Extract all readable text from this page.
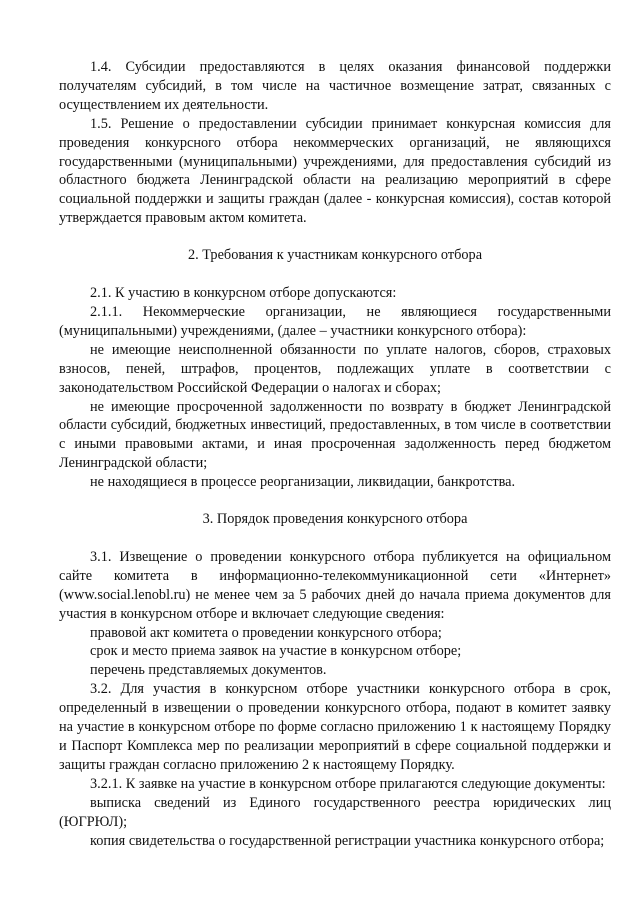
1.4. Субсидии предоставляются в целях оказания финансовой поддержки получателям субсидий, в том числе на частичное возмещение затрат, связанных с осуществлением их деятельности.

1.5. Решение о предоставлении субсидии принимает конкурсная комиссия для проведения конкурсного отбора некоммерческих организаций, не являющихся государственными (муниципальными) учреждениями, для предоставления субсидий из областного бюджета Ленинградской области на реализацию мероприятий в сфере социальной поддержки и защиты граждан (далее - конкурсная комиссия), состав которой утверждается правовым актом комитета.

2. Требования к участникам конкурсного отбора

2.1. К участию в конкурсном отборе допускаются:

2.1.1. Некоммерческие организации, не являющиеся государственными (муниципальными) учреждениями, (далее – участники конкурсного отбора):

не имеющие неисполненной обязанности по уплате налогов, сборов, страховых взносов, пеней, штрафов, процентов, подлежащих уплате в соответствии с законодательством Российской Федерации о налогах и сборах;

не имеющие просроченной задолженности по возврату в бюджет Ленинградской области субсидий, бюджетных инвестиций, предоставленных, в том числе в соответствии с иными правовыми актами, и иная просроченная задолженность перед бюджетом Ленинградской области;

не находящиеся в процессе реорганизации, ликвидации, банкротства.

3. Порядок проведения конкурсного отбора

3.1. Извещение о проведении конкурсного отбора публикуется на официальном сайте комитета в информационно-телекоммуникационной сети «Интернет» (www.social.lenobl.ru) не менее чем за 5 рабочих дней до начала приема документов для участия в конкурсном отборе и включает следующие сведения:

правовой акт комитета о проведении конкурсного отбора;

срок и место приема заявок на участие в конкурсном отборе;

перечень представляемых документов.

3.2. Для участия в конкурсном отборе участники конкурсного отбора в срок, определенный в извещении о проведении конкурсного отбора, подают в комитет заявку на участие в конкурсном отборе по форме согласно приложению 1 к настоящему Порядку и Паспорт Комплекса мер по реализации мероприятий в сфере социальной поддержки и защиты граждан согласно приложению 2 к настоящему Порядку.

3.2.1. К заявке на участие в конкурсном отборе прилагаются следующие документы:

выписка сведений из Единого государственного реестра юридических лиц (ЮГРЮЛ);

копия свидетельства о государственной регистрации участника конкурсного отбора;
